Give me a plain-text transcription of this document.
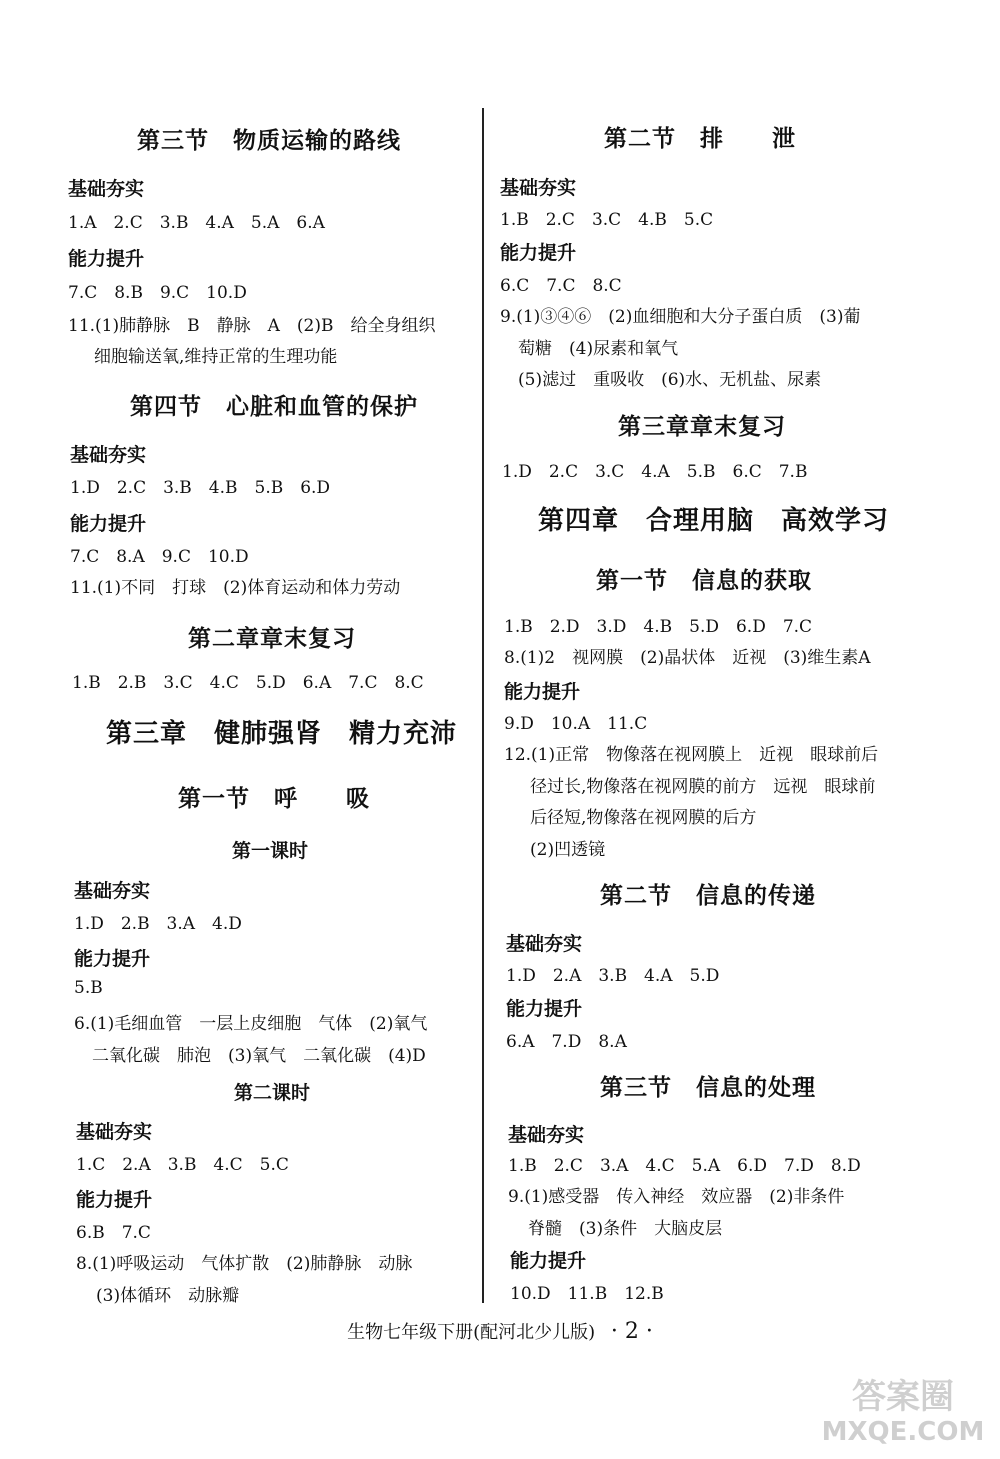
第三节　物质运输的路线
基础夯实
1.A　2.C　3.B　4.A　5.A　6.A
能力提升
7.C　8.B　9.C　10.D
11.(1)肺静脉　B　静脉　A　(2)B　给全身组织
细胞输送氧,维持正常的生理功能
第四节　心脏和血管的保护
基础夯实
1.D　2.C　3.B　4.B　5.B　6.D
能力提升
7.C　8.A　9.C　10.D
11.(1)不同　打球　(2)体育运动和体力劳动
第二章章末复习
1.B　2.B　3.C　4.C　5.D　6.A　7.C　8.C
第三章　健肺强肾　精力充沛
第一节　呼　　吸
第一课时
基础夯实
1.D　2.B　3.A　4.D
能力提升
5.B
6.(1)毛细血管　一层上皮细胞　气体　(2)氧气
二氧化碳　肺泡　(3)氧气　二氧化碳　(4)D
第二课时
基础夯实
1.C　2.A　3.B　4.C　5.C
能力提升
6.B　7.C
8.(1)呼吸运动　气体扩散　(2)肺静脉　动脉
(3)体循环　动脉瓣
第二节　排　　泄
基础夯实
1.B　2.C　3.C　4.B　5.C
能力提升
6.C　7.C　8.C
9.(1)③④⑥　(2)血细胞和大分子蛋白质　(3)葡
萄糖　(4)尿素和氧气
(5)滤过　重吸收　(6)水、无机盐、尿素
第三章章末复习
1.D　2.C　3.C　4.A　5.B　6.C　7.B
第四章　合理用脑　高效学习
第一节　信息的获取
1.B　2.D　3.D　4.B　5.D　6.D　7.C
8.(1)2　视网膜　(2)晶状体　近视　(3)维生素A
能力提升
9.D　10.A　11.C
12.(1)正常　物像落在视网膜上　近视　眼球前后
径过长,物像落在视网膜的前方　远视　眼球前
后径短,物像落在视网膜的后方
(2)凹透镜
第二节　信息的传递
基础夯实
1.D　2.A　3.B　4.A　5.D
能力提升
6.A　7.D　8.A
第三节　信息的处理
基础夯实
1.B　2.C　3.A　4.C　5.A　6.D　7.D　8.D
9.(1)感受器　传入神经　效应器　(2)非条件
脊髓　(3)条件　大脑皮层
能力提升
10.D　11.B　12.B
生物七年级下册(配河北少儿版) · 2 ·
答案圈
MXQE.COM
